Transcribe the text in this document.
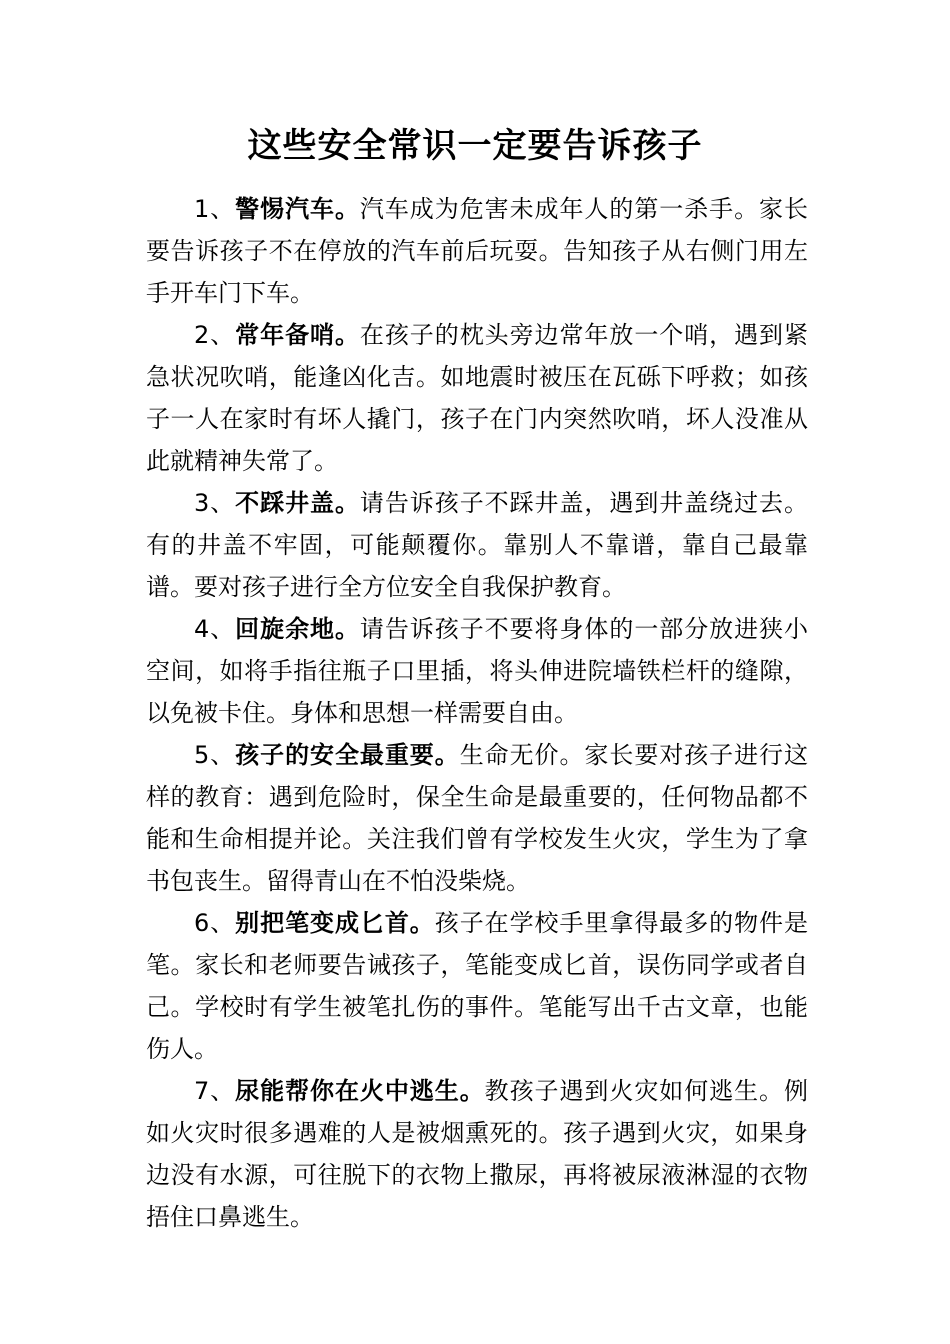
这些安全常识一定要告诉孩子

1、警惕汽车。汽车成为危害未成年人的第一杀手。家长要告诉孩子不在停放的汽车前后玩耍。告知孩子从右侧门用左手开车门下车。

2、常年备哨。在孩子的枕头旁边常年放一个哨，遇到紧急状况吹哨，能逢凶化吉。如地震时被压在瓦砾下呼救；如孩子一人在家时有坏人撬门，孩子在门内突然吹哨，坏人没准从此就精神失常了。

3、不踩井盖。请告诉孩子不踩井盖，遇到井盖绕过去。有的井盖不牢固，可能颠覆你。靠别人不靠谱，靠自己最靠谱。要对孩子进行全方位安全自我保护教育。

4、回旋余地。请告诉孩子不要将身体的一部分放进狭小空间，如将手指往瓶子口里插，将头伸进院墙铁栏杆的缝隙，以免被卡住。身体和思想一样需要自由。

5、孩子的安全最重要。生命无价。家长要对孩子进行这样的教育：遇到危险时，保全生命是最重要的，任何物品都不能和生命相提并论。关注我们曾有学校发生火灾，学生为了拿书包丧生。留得青山在不怕没柴烧。

6、别把笔变成匕首。孩子在学校手里拿得最多的物件是笔。家长和老师要告诫孩子，笔能变成匕首，误伤同学或者自己。学校时有学生被笔扎伤的事件。笔能写出千古文章，也能伤人。

7、尿能帮你在火中逃生。教孩子遇到火灾如何逃生。例如火灾时很多遇难的人是被烟熏死的。孩子遇到火灾，如果身边没有水源，可往脱下的衣物上撒尿，再将被尿液淋湿的衣物捂住口鼻逃生。
